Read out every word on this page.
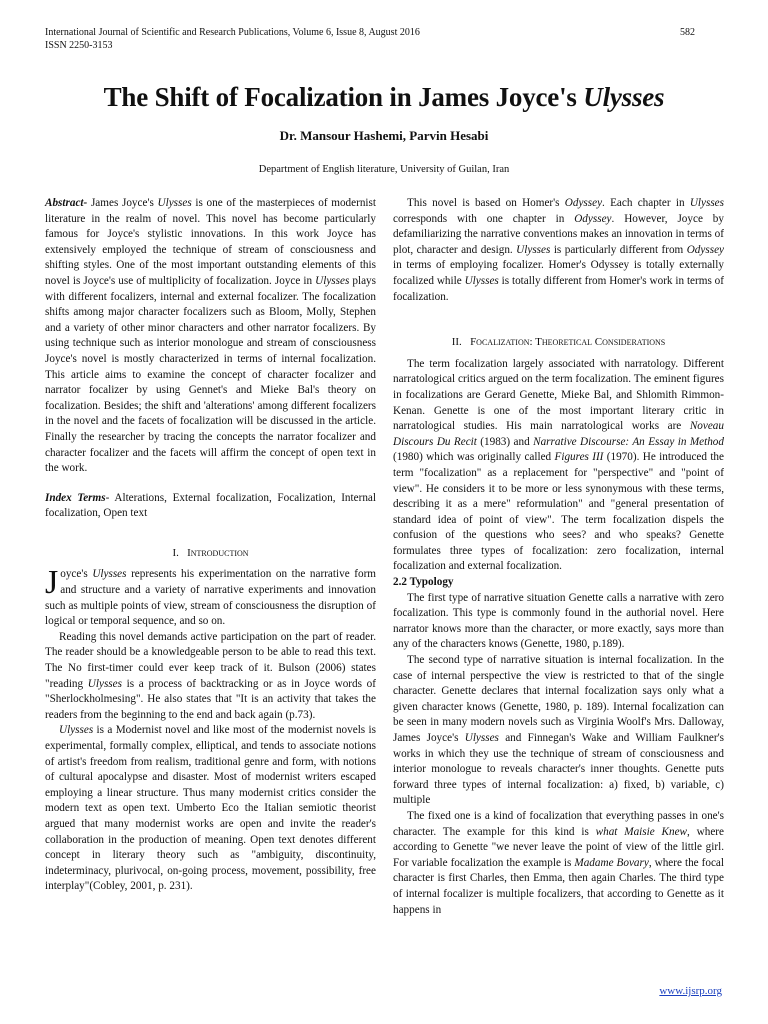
International Journal of Scientific and Research Publications, Volume 6, Issue 8, August 2016
ISSN 2250-3153
582
The Shift of Focalization in James Joyce's Ulysses
Dr. Mansour Hashemi, Parvin Hesabi
Department of English literature, University of Guilan, Iran

Abstract- James Joyce's Ulysses is one of the masterpieces of modernist literature in the realm of novel. This novel has become particularly famous for Joyce's stylistic innovations. In this work Joyce has extensively employed the technique of stream of consciousness and shifting styles. One of the most important outstanding elements of this novel is Joyce's use of multiplicity of focalization. Joyce in Ulysses plays with different focalizers, internal and external focalizer. The focalization shifts among major character focalizers such as Bloom, Molly, Stephen and a variety of other minor characters and other narrator focalizers. By using technique such as interior monologue and stream of consciousness Joyce's novel is mostly characterized in terms of internal focalization. This article aims to examine the concept of character focalizer and narrator focalizer by using Gennet's and Mieke Bal's theory on focalization. Besides; the shift and 'alterations' among different focalizers in the novel and the facets of focalization will be discussed in the article. Finally the researcher by tracing the concepts the narrator focalizer and character focalizer and the facets will affirm the concept of open text in the work.

Index Terms- Alterations, External focalization, Focalization, Internal focalization, Open text

I. Introduction

Joyce's Ulysses represents his experimentation on the narrative form and structure and a variety of narrative experiments and innovation such as multiple points of view, stream of consciousness the disruption of logical or temporal sequence, and so on.

Reading this novel demands active participation on the part of reader. The reader should be a knowledgeable person to be able to read this text. The No first-timer could ever keep track of it. Bulson (2006) states "reading Ulysses is a process of backtracking or as in Joyce words of "Sherlockholmesing". He also states that "It is an activity that takes the readers from the beginning to the end and back again (p.73).

Ulysses is a Modernist novel and like most of the modernist novels is experimental, formally complex, elliptical, and tends to associate notions of artist's freedom from realism, traditional genre and form, with notions of cultural apocalypse and disaster. Most of modernist writers escaped employing a linear structure. Thus many modernist critics consider the modern text as open text. Umberto Eco the Italian semiotic theorist argued that many modernist works are open and invite the reader's collaboration in the production of meaning. Open text denotes different concept in literary theory such as "ambiguity, discontinuity, indeterminacy, plurivocal, on-going process, movement, possibility, free interplay"(Cobley, 2001, p. 231).

This novel is based on Homer's Odyssey. Each chapter in Ulysses corresponds with one chapter in Odyssey. However, Joyce by defamiliarizing the narrative conventions makes an innovation in terms of plot, character and design. Ulysses is particularly different from Odyssey in terms of employing focalizer. Homer's Odyssey is totally externally focalized while Ulysses is totally different from Homer's work in terms of focalization.

II. Focalization: Theoretical Considerations

The term focalization largely associated with narratology. Different narratological critics argued on the term focalization. The eminent figures in focalizations are Gerard Genette, Mieke Bal, and Shlomith Rimmon-Kenan. Genette is one of the most important literary critic in narratological studies. His main narratological works are Noveau Discours Du Recit (1983) and Narrative Discourse: An Essay in Method (1980) which was originally called Figures III (1970). He introduced the term "focalization" as a replacement for "perspective" and "point of view". He considers it to be more or less synonymous with these terms, describing it as a mere" reformulation" and "general presentation of standard idea of point of view". The term focalization dispels the confusion of the questions who sees? and who speaks? Genette formulates three types of focalization: zero focalization, internal focalization and external focalization.

2.2 Typology

The first type of narrative situation Genette calls a narrative with zero focalization. This type is commonly found in the authorial novel. Here narrator knows more than the character, or more exactly, says more than any of the characters knows (Genette, 1980, p.189).

The second type of narrative situation is internal focalization. In the case of internal perspective the view is restricted to that of the single character. Genette declares that internal focalization says only what a given character knows (Genette, 1980, p. 189). Internal focalization can be seen in many modern novels such as Virginia Woolf's Mrs. Dalloway, James Joyce's Ulysses and Finnegan's Wake and William Faulkner's works in which they use the technique of stream of consciousness and interior monologue to reveals character's inner thoughts. Genette puts forward three types of internal focalization: a) fixed, b) variable, c) multiple

The fixed one is a kind of focalization that everything passes in one's character. The example for this kind is what Maisie Knew, where according to Genette "we never leave the point of view of the little girl. For variable focalization the example is Madame Bovary, where the focal character is first Charles, then Emma, then again Charles. The third type of internal focalizer is multiple focalizers, that according to Genette as it happens in

www.ijsrp.org
